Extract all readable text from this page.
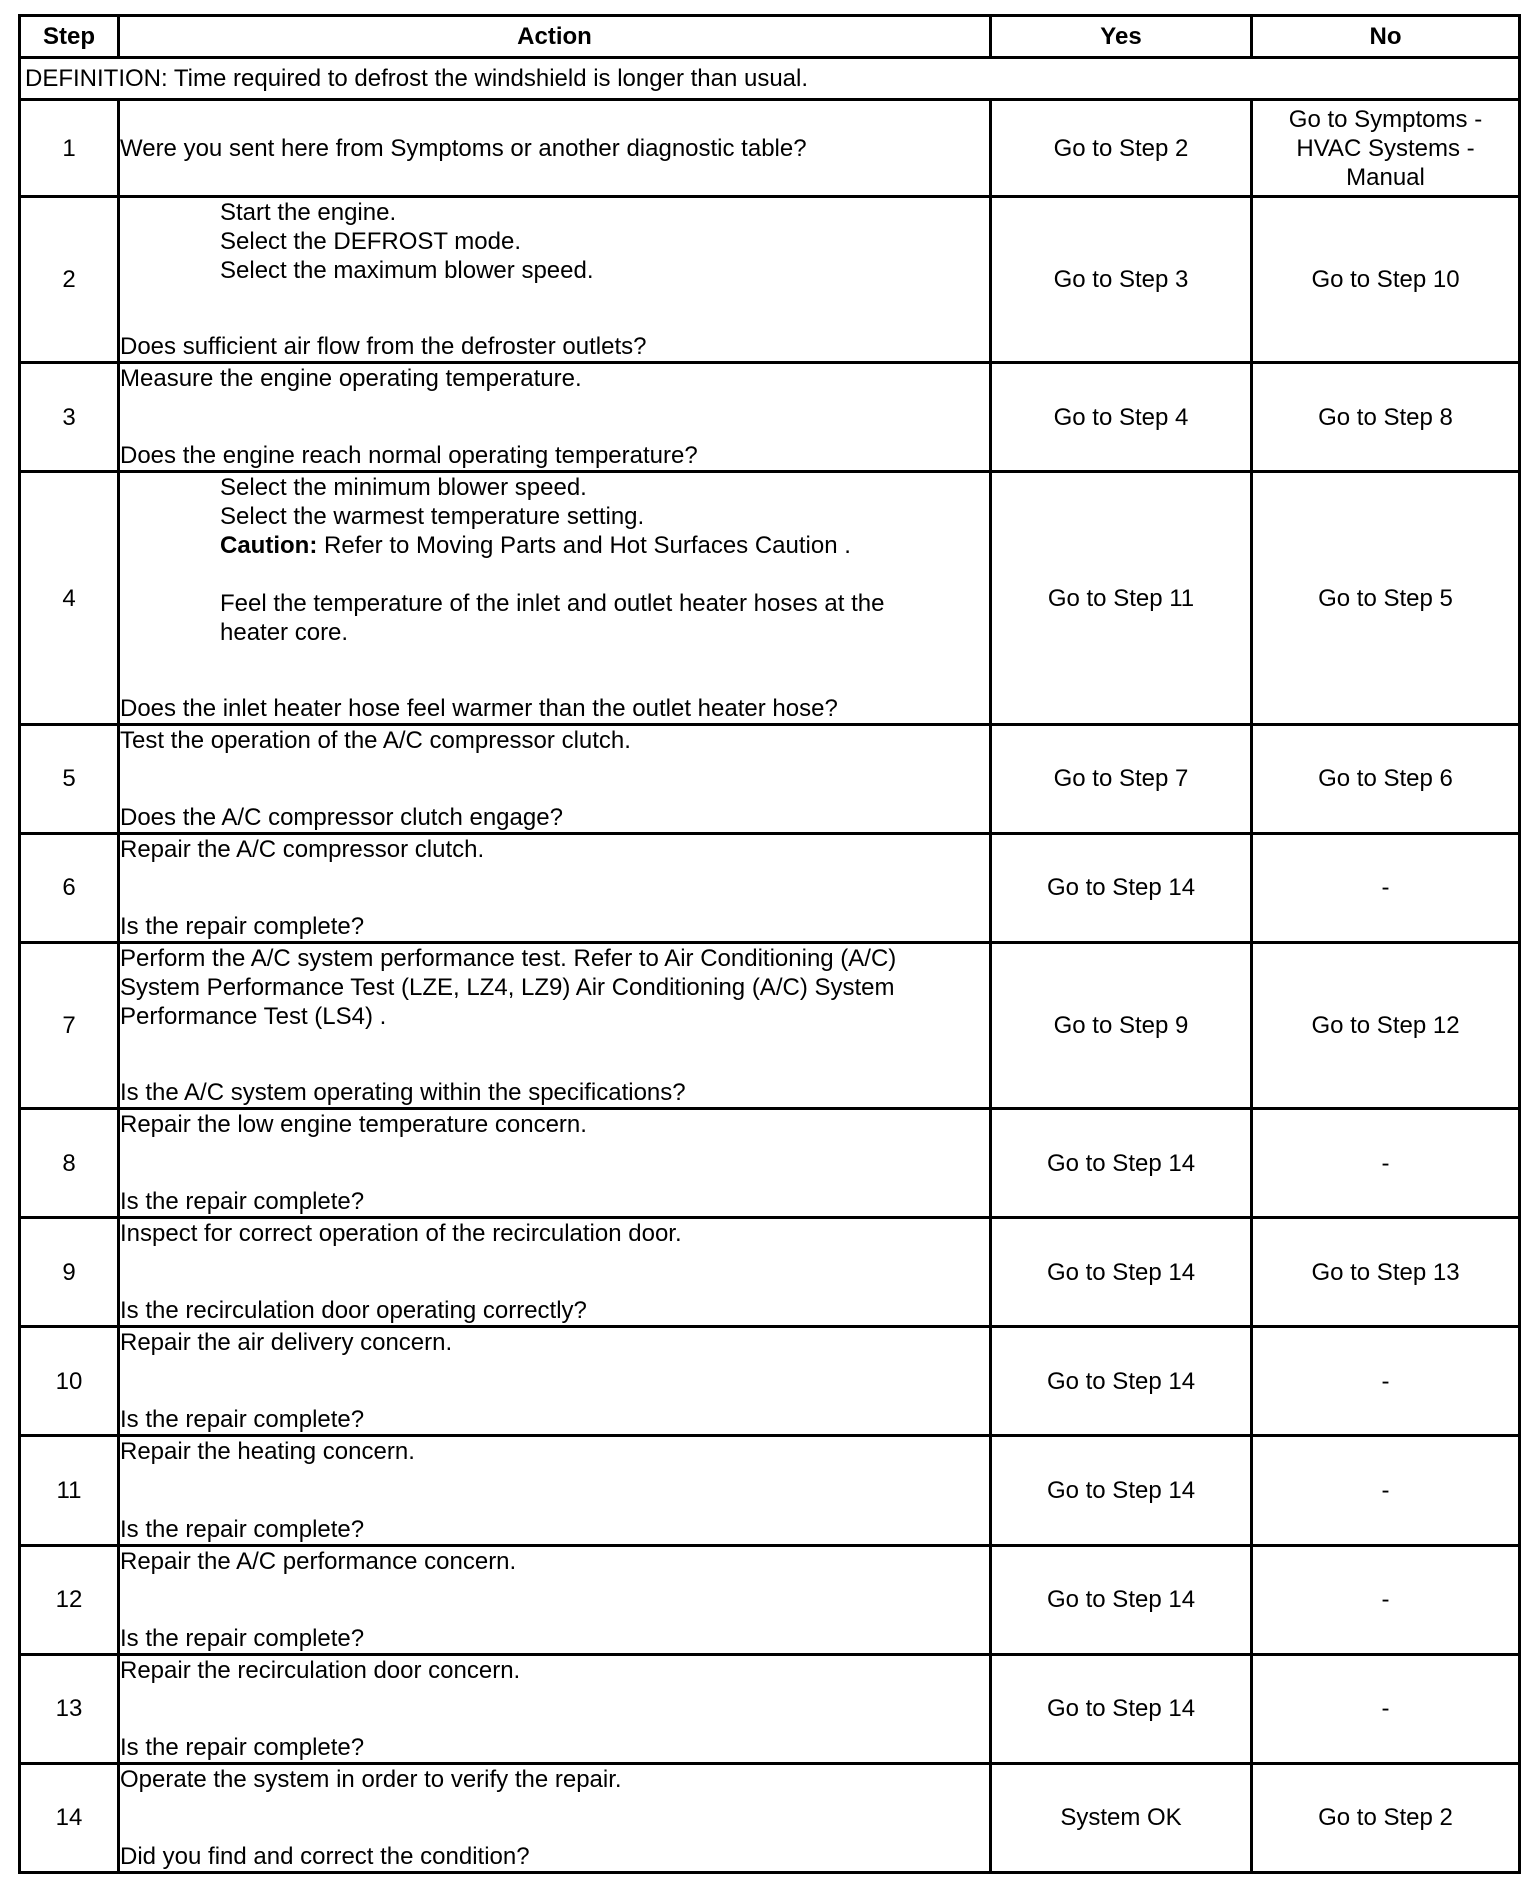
Step	Action	Yes	No
DEFINITION: Time required to defrost the windshield is longer than usual.			
1	Were you sent here from Symptoms or another diagnostic table?	Go to Step 2	Go to Symptoms - HVAC Systems - Manual
2	Start the engine.
Select the DEFROST mode.
Select the maximum blower speed.
Does sufficient air flow from the defroster outlets?	Go to Step 3	Go to Step 10
3	Measure the engine operating temperature.
Does the engine reach normal operating temperature?	Go to Step 4	Go to Step 8
4	Select the minimum blower speed.
Select the warmest temperature setting.
Caution: Refer to Moving Parts and Hot Surfaces Caution .
Feel the temperature of the inlet and outlet heater hoses at the heater core.
Does the inlet heater hose feel warmer than the outlet heater hose?	Go to Step 11	Go to Step 5
5	Test the operation of the A/C compressor clutch.
Does the A/C compressor clutch engage?	Go to Step 7	Go to Step 6
6	Repair the A/C compressor clutch.
Is the repair complete?	Go to Step 14	-
7	Perform the A/C system performance test. Refer to Air Conditioning (A/C) System Performance Test (LZE, LZ4, LZ9) Air Conditioning (A/C) System Performance Test (LS4) .
Is the A/C system operating within the specifications?	Go to Step 9	Go to Step 12
8	Repair the low engine temperature concern.
Is the repair complete?	Go to Step 14	-
9	Inspect for correct operation of the recirculation door.
Is the recirculation door operating correctly?	Go to Step 14	Go to Step 13
10	Repair the air delivery concern.
Is the repair complete?	Go to Step 14	-
11	Repair the heating concern.
Is the repair complete?	Go to Step 14	-
12	Repair the A/C performance concern.
Is the repair complete?	Go to Step 14	-
13	Repair the recirculation door concern.
Is the repair complete?	Go to Step 14	-
14	Operate the system in order to verify the repair.
Did you find and correct the condition?	System OK	Go to Step 2
